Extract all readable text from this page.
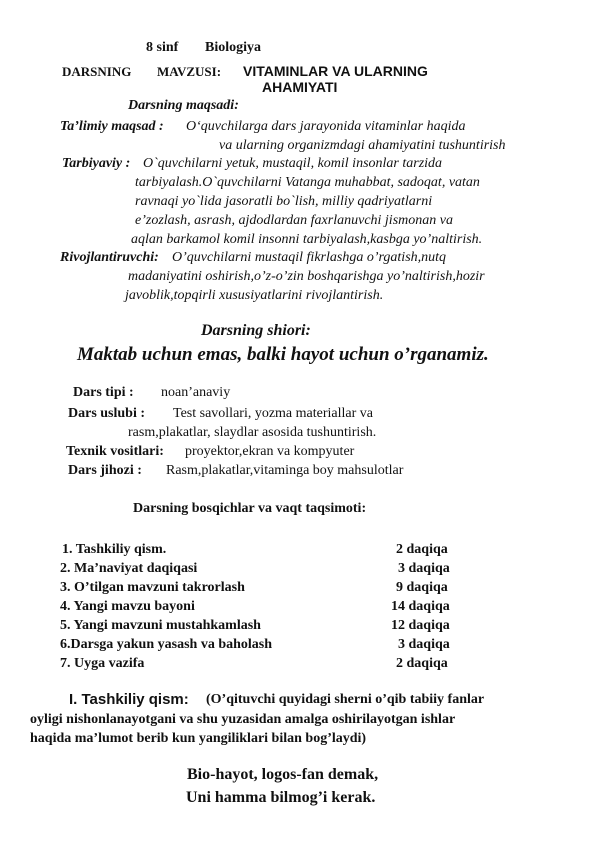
8 sinf Biologiya
DARSNING MAVZUSI: VITAMINLAR VA ULARNING
AHAMIYATI
Darsning maqsadi:
Ta’limiy maqsad : O‘quvchilarga dars jarayonida vitaminlar haqida
va ularning organizmdagi ahamiyatini tushuntirish
Tarbiyaviy : O`quvchilarni yetuk, mustaqil, komil insonlar tarzida
tarbiyalash.O`quvchilarni Vatanga muhabbat, sadoqat, vatan
ravnaqi yo`lida jasoratli bo`lish, milliy qadriyatlarni
e’zozlash, asrash, ajdodlardan faxrlanuvchi jismonan va
aqlan barkamol komil insonni tarbiyalash,kasbga yo’naltirish.
Rivojlantiruvchi: O’quvchilarni mustaqil fikrlashga o’rgatish,nutq
madaniyatini oshirish,o’z-o’zin boshqarishga yo’naltirish,hozir
javoblik,topqirli xususiyatlarini rivojlantirish.
Darsning shiori:
Maktab uchun emas, balki hayot uchun o’rganamiz.
Dars tipi : noan’anaviy
Dars uslubi : Test savollari, yozma materiallar va
rasm,plakatlar, slaydlar asosida tushuntirish.
Texnik vositlari: proyektor,ekran va kompyuter
Dars jihozi : Rasm,plakatlar,vitaminga boy mahsulotlar
Darsning bosqichlar va vaqt taqsimoti:
1. Tashkiliy qism.	2 daqiqa
2. Ma’naviyat daqiqasi	3 daqiqa
3. O’tilgan mavzuni takrorlash	9 daqiqa
4. Yangi mavzu bayoni	14 daqiqa
5. Yangi mavzuni mustahkamlash	12 daqiqa
6.Darsga yakun yasash va baholash	3 daqiqa
7. Uyga vazifa	2 daqiqa
I. Tashkiliy qism: (O’qituvchi quyidagi sherni o’qib tabiiy fanlar
oyligi nishonlanayotgani va shu yuzasidan amalga oshirilayotgan ishlar
haqida ma’lumot berib kun yangiliklari bilan bog’laydi)
Bio-hayot, logos-fan demak,
Uni hamma bilmog’i kerak.
